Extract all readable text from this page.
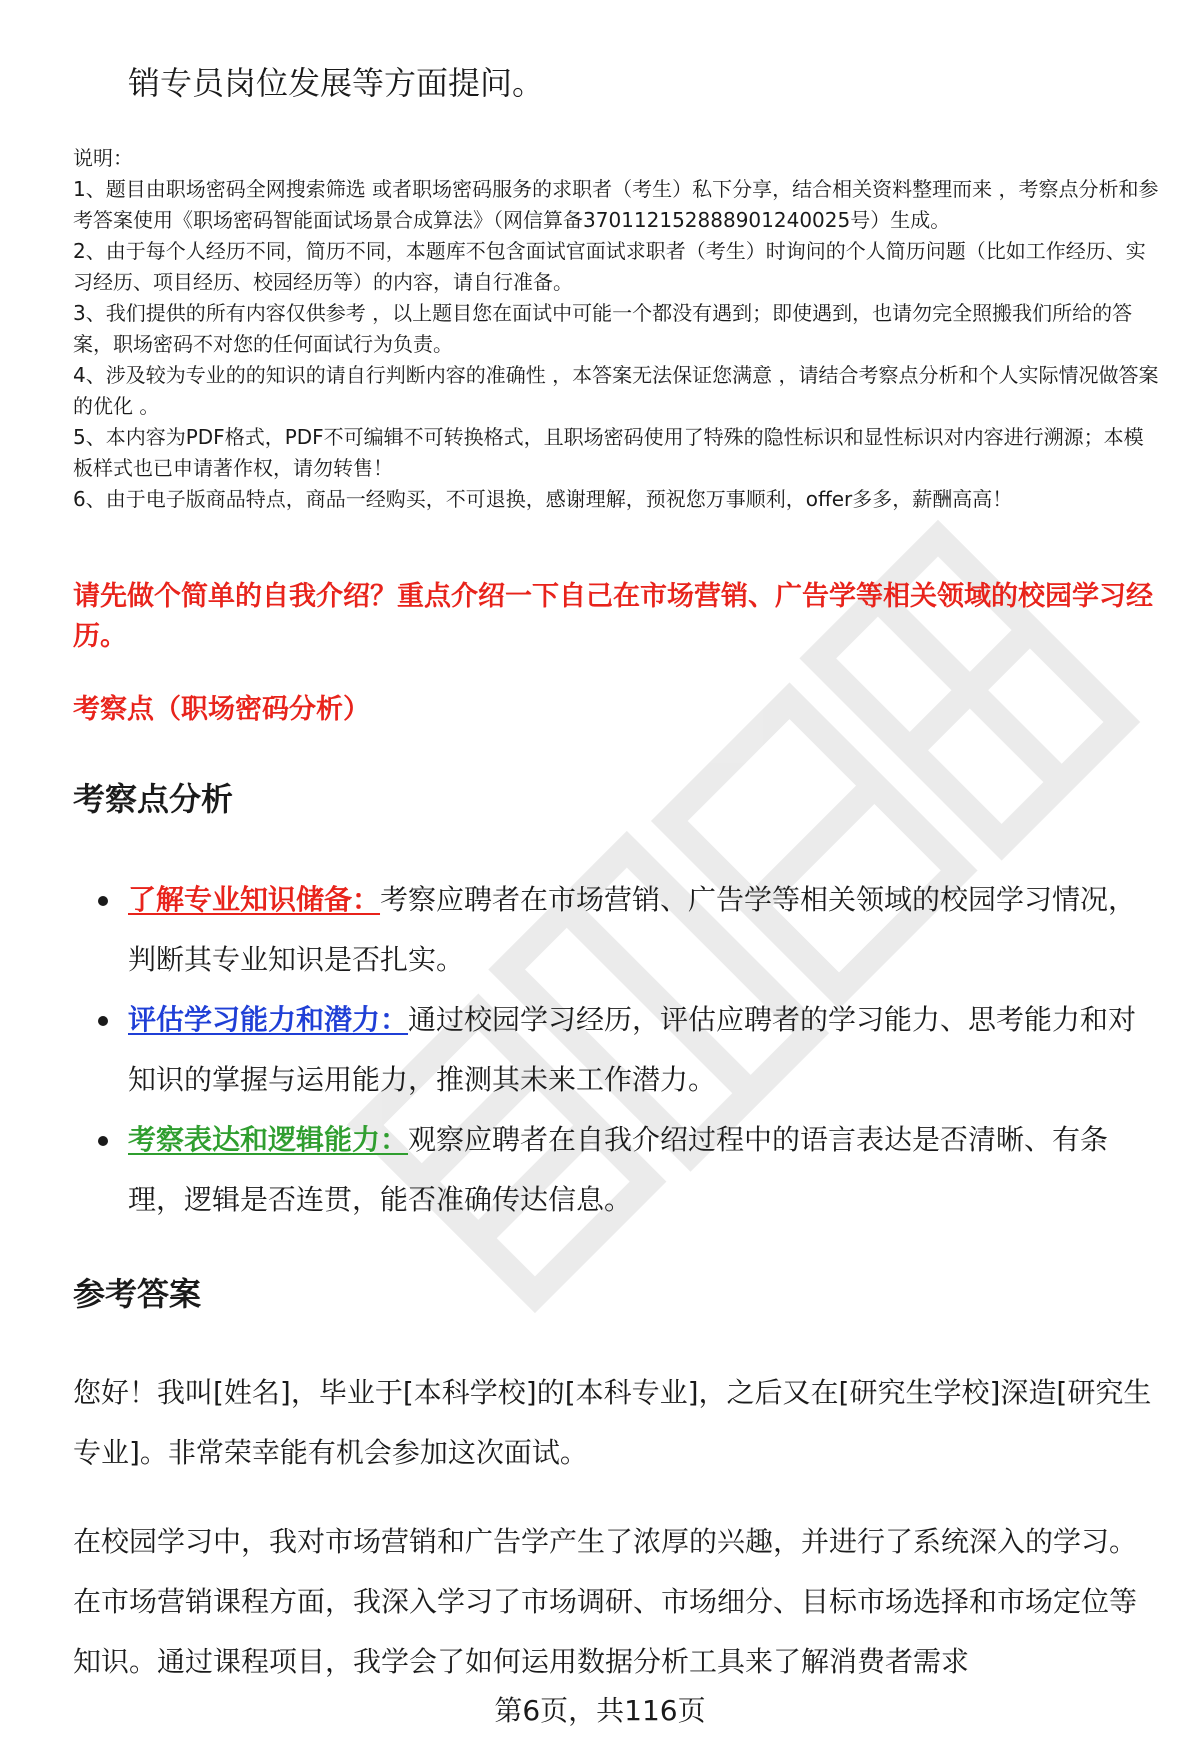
销专员岗位发展等方面提问。

说明：

1、题目由职场密码全网搜索筛选 或者职场密码服务的求职者（考生）私下分享，结合相关资料整理而来 ，考察点分析和参考答案使用《职场密码智能面试场景合成算法》（网信算备370112152888901240025号）生成。

2、由于每个人经历不同，简历不同，本题库不包含面试官面试求职者（考生）时询问的个人简历问题（比如工作经历、实习经历、项目经历、校园经历等）的内容，请自行准备。

3、我们提供的所有内容仅供参考 ，以上题目您在面试中可能一个都没有遇到；即使遇到，也请勿完全照搬我们所给的答案，职场密码不对您的任何面试行为负责。

4、涉及较为专业的的知识的请自行判断内容的准确性 ，本答案无法保证您满意 ，请结合考察点分析和个人实际情况做答案的优化 。

5、本内容为PDF格式，PDF不可编辑不可转换格式，且职场密码使用了特殊的隐性标识和显性标识对内容进行溯源；本模板样式也已申请著作权，请勿转售！

6、由于电子版商品特点，商品一经购买，不可退换，感谢理解，预祝您万事顺利，offer多多，薪酬高高！

请先做个简单的自我介绍？重点介绍一下自己在市场营销、广告学等相关领域的校园学习经历。
考察点（职场密码分析）
考察点分析
了解专业知识储备：考察应聘者在市场营销、广告学等相关领域的校园学习情况，判断其专业知识是否扎实。
评估学习能力和潜力：通过校园学习经历，评估应聘者的学习能力、思考能力和对知识的掌握与运用能力，推测其未来工作潜力。
考察表达和逻辑能力：观察应聘者在自我介绍过程中的语言表达是否清晰、有条理，逻辑是否连贯，能否准确传达信息。
参考答案

您好！我叫[姓名]，毕业于[本科学校]的[本科专业]，之后又在[研究生学校]深造[研究生专业]。非常荣幸能有机会参加这次面试。

在校园学习中，我对市场营销和广告学产生了浓厚的兴趣，并进行了系统深入的学习。在市场营销课程方面，我深入学习了市场调研、市场细分、目标市场选择和市场定位等知识。通过课程项目，我学会了如何运用数据分析工具来了解消费者需求

第6页，共116页
